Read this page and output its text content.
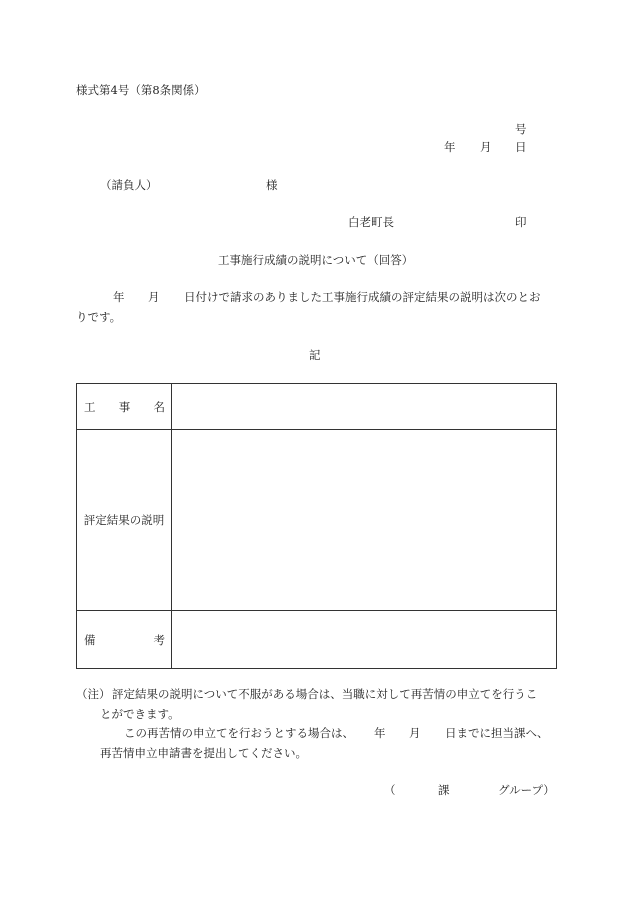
様式第4号（第8条関係）
号
年 月 日
（請負人）	様
白老町長	印
工事施行成績の説明について（回答）
年 月 日付けで請求のありました工事施行成績の評定結果の説明は次のとお
りです。
記
工 事 名	

評定結果の説明	

備 考	

（注） 評定結果の説明について不服がある場合は、当職に対して再苦情の申立てを行うこ
とができます。
この再苦情の申立てを行おうとする場合は、 年 月 日までに担当課へ、
再苦情申立申請書を提出してください。
（	課	グループ）
